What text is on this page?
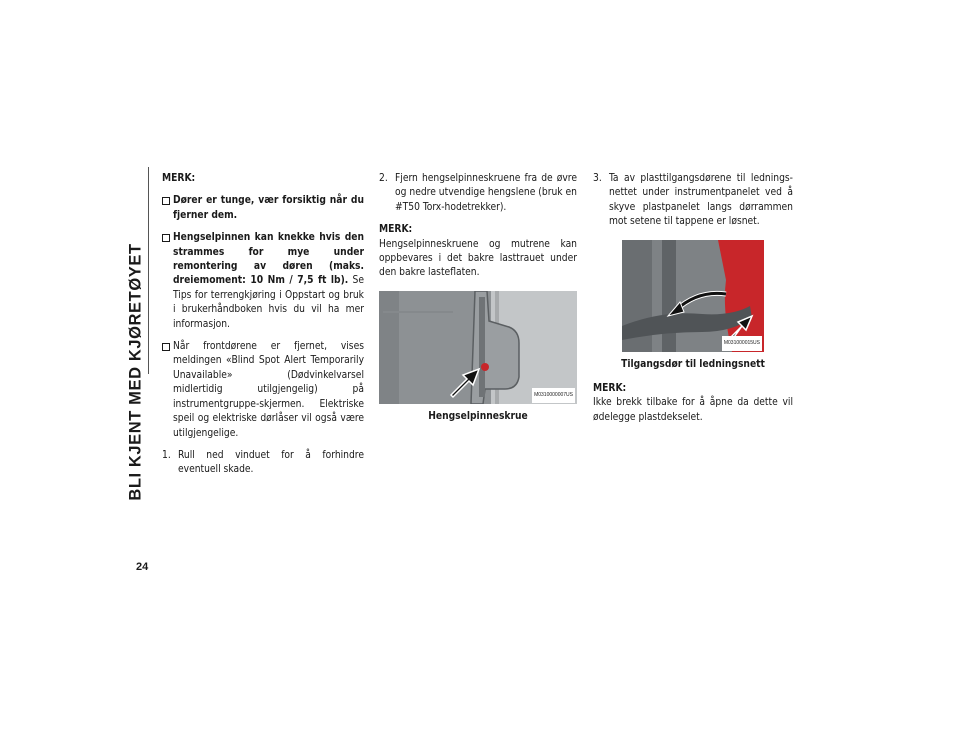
BLI KJENT MED KJØRETØYET
24
MERK:
Dører er tunge, vær forsiktig når du fjerner dem.
Hengselpinnen kan knekke hvis den strammes for mye under remontering av døren (maks. dreiemoment: 10 Nm / 7,5 ft lb). Se Tips for terrengkjøring i Oppstart og bruk i brukerhåndboken hvis du vil ha mer informasjon.
Når frontdørene er fjernet, vises meldingen «Blind Spot Alert Temporarily Unavailable» (Dødvinkelvarsel midlertidig utilgjengelig) på instrumentgruppe-skjermen. Elektriske speil og elektriske dørlåser vil også være utilgjengelige.
1. Rull ned vinduet for å forhindre eventuell skade.
2. Fjern hengselpinneskruene fra de øvre og nedre utvendige hengslene (bruk en #T50 Torx-hodetrekker).
MERK:
Hengselpinneskruene og mutrene kan oppbevares i det bakre lasttrauet under den bakre lasteflaten.
M0310000007US
Hengselpinneskrue
3. Ta av plasttilgangsdørene til lednings-nettet under instrumentpanelet ved å skyve plastpanelet langs dørrammen mot setene til tappene er løsnet.
M031000015US
Tilgangsdør til ledningsnett
MERK:
Ikke brekk tilbake for å åpne da dette vil ødelegge plastdekselet.
